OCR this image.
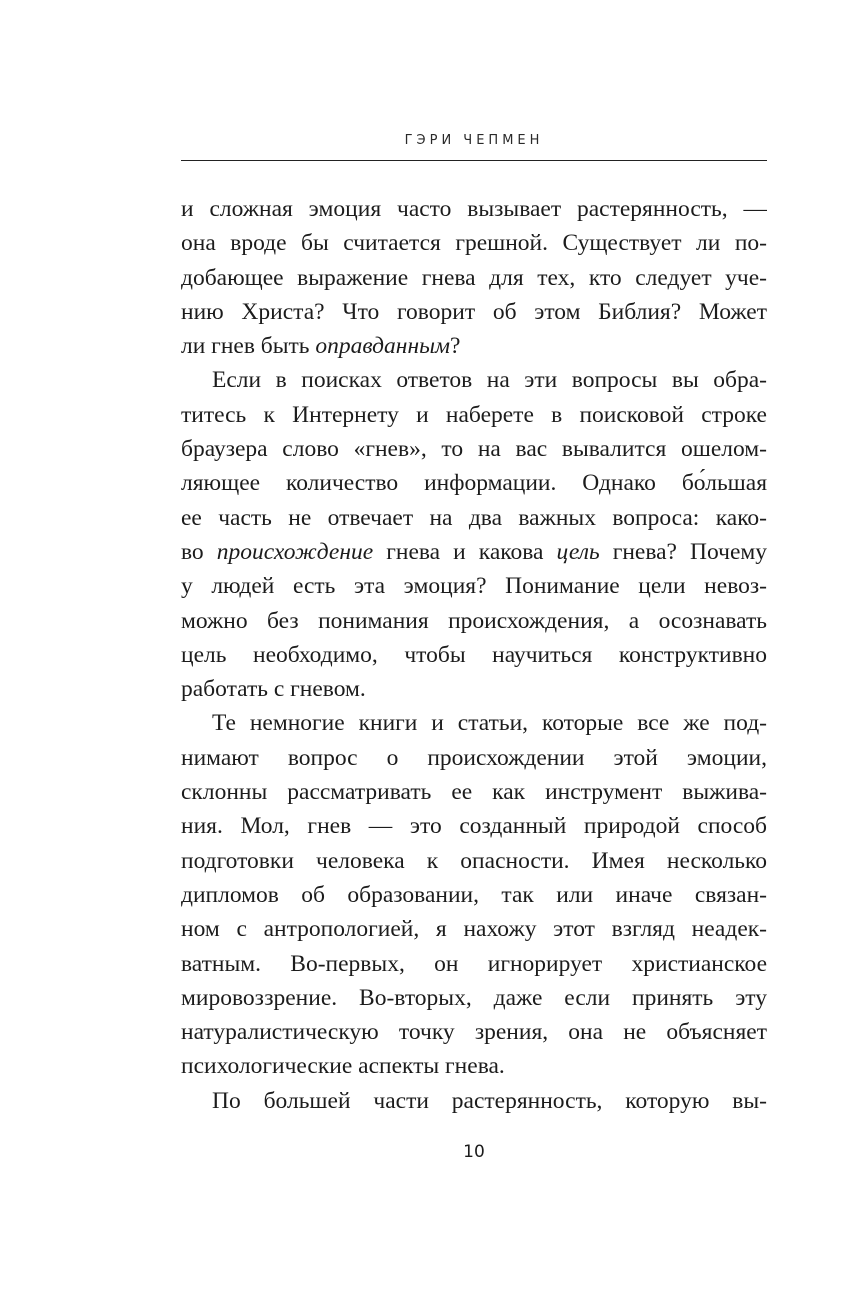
ГЭРИ ЧЕПМЕН
и сложная эмоция часто вызывает растерянность, —
она вроде бы считается грешной. Существует ли по-
добающее выражение гнева для тех, кто следует уче-
нию Христа? Что говорит об этом Библия? Может
ли гнев быть оправданным?
Если в поисках ответов на эти вопросы вы обра-
титесь к Интернету и наберете в поисковой строке
браузера слово «гнев», то на вас вывалится ошелом-
ляющее количество информации. Однако бо́льшая
ее часть не отвечает на два важных вопроса: како-
во происхождение гнева и какова цель гнева? Почему
у людей есть эта эмоция? Понимание цели невоз-
можно без понимания происхождения, а осознавать
цель необходимо, чтобы научиться конструктивно
работать с гневом.
Те немногие книги и статьи, которые все же под-
нимают вопрос о происхождении этой эмоции,
склонны рассматривать ее как инструмент выжива-
ния. Мол, гнев — это созданный природой способ
подготовки человека к опасности. Имея несколько
дипломов об образовании, так или иначе связан-
ном с антропологией, я нахожу этот взгляд неадек-
ватным. Во-первых, он игнорирует христианское
мировоззрение. Во-вторых, даже если принять эту
натуралистическую точку зрения, она не объясняет
психологические аспекты гнева.
По большей части растерянность, которую вы-
10
